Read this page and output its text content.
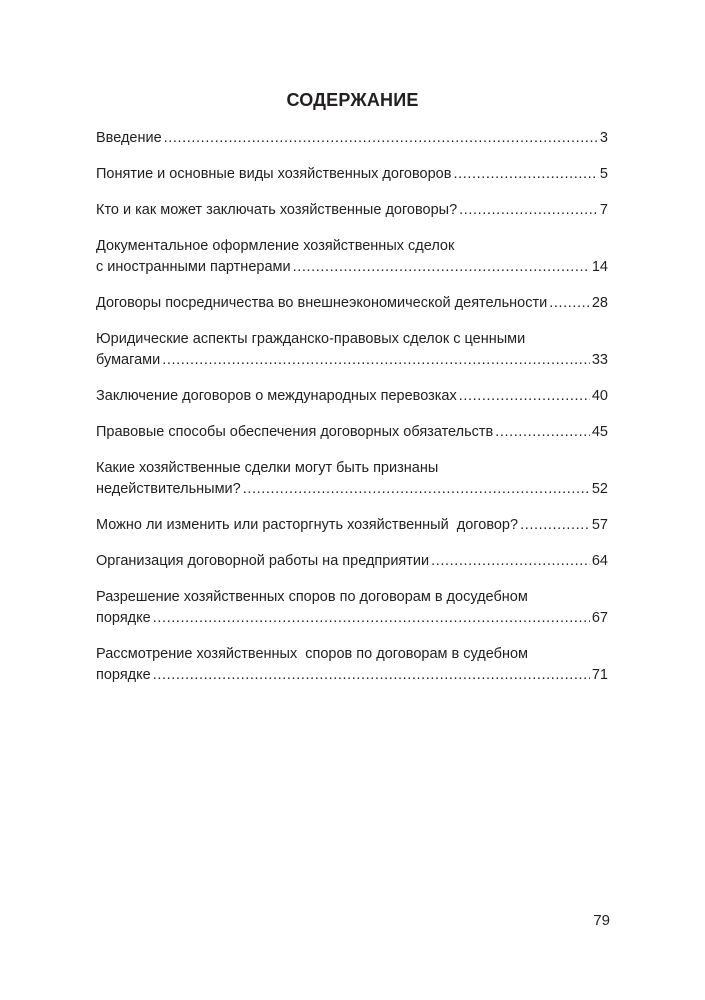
СОДЕРЖАНИЕ
Введение .....	3
Понятие и основные виды хозяйственных договоров .....	5
Кто и как может заключать хозяйственные договоры? .....	7
Документальное оформление хозяйственных сделок
с иностранными партнерами .....	14
Договоры посредничества во внешнеэкономической деятельности .....	28
Юридические аспекты гражданско-правовых сделок с ценными
бумагами .....	33
Заключение договоров о международных перевозках .....	40
Правовые способы обеспечения договорных обязательств .....	45
Какие хозяйственные сделки могут быть признаны
недействительными? .....	52
Можно ли изменить или расторгнуть хозяйственный  договор? .....	57
Организация договорной работы на предприятии .....	64
Разрешение хозяйственных споров по договорам в досудебном
порядке .....	67
Рассмотрение хозяйственных  споров по договорам в судебном
порядке .....	71
79
